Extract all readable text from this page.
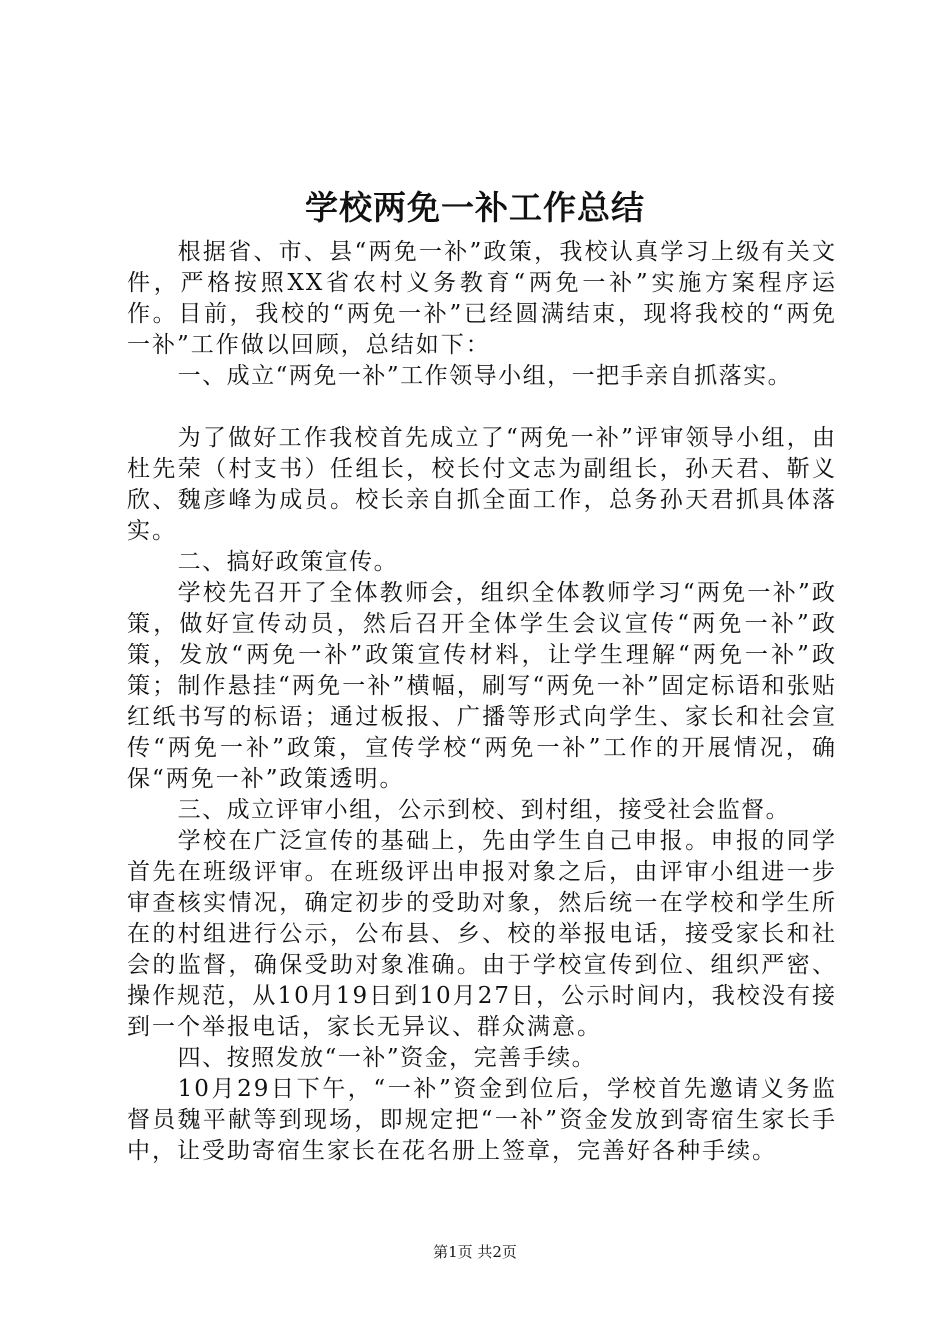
学校两免一补工作总结

根据省、市、县“两免一补”政策，我校认真学习上级有关文件，严格按照XX省农村义务教育“两免一补”实施方案程序运作。目前，我校的“两免一补”已经圆满结束，现将我校的“两免一补”工作做以回顾，总结如下：

一、成立“两免一补”工作领导小组，一把手亲自抓落实。

为了做好工作我校首先成立了“两免一补”评审领导小组，由杜先荣（村支书）任组长，校长付文志为副组长，孙天君、靳义欣、魏彦峰为成员。校长亲自抓全面工作，总务孙天君抓具体落实。

二、搞好政策宣传。

学校先召开了全体教师会，组织全体教师学习“两免一补”政策，做好宣传动员，然后召开全体学生会议宣传“两免一补”政策，发放“两免一补”政策宣传材料，让学生理解“两免一补”政策；制作悬挂“两免一补”横幅，刷写“两免一补”固定标语和张贴红纸书写的标语；通过板报、广播等形式向学生、家长和社会宣传“两免一补”政策，宣传学校“两免一补”工作的开展情况，确保“两免一补”政策透明。

三、成立评审小组，公示到校、到村组，接受社会监督。

学校在广泛宣传的基础上，先由学生自己申报。申报的同学首先在班级评审。在班级评出申报对象之后，由评审小组进一步审查核实情况，确定初步的受助对象，然后统一在学校和学生所在的村组进行公示，公布县、乡、校的举报电话，接受家长和社会的监督，确保受助对象准确。由于学校宣传到位、组织严密、操作规范，从10月19日到10月27日，公示时间内，我校没有接到一个举报电话，家长无异议、群众满意。

四、按照发放“一补”资金，完善手续。

10月29日下午，“一补”资金到位后，学校首先邀请义务监督员魏平献等到现场，即规定把“一补”资金发放到寄宿生家长手中，让受助寄宿生家长在花名册上签章，完善好各种手续。

第1页 共2页
